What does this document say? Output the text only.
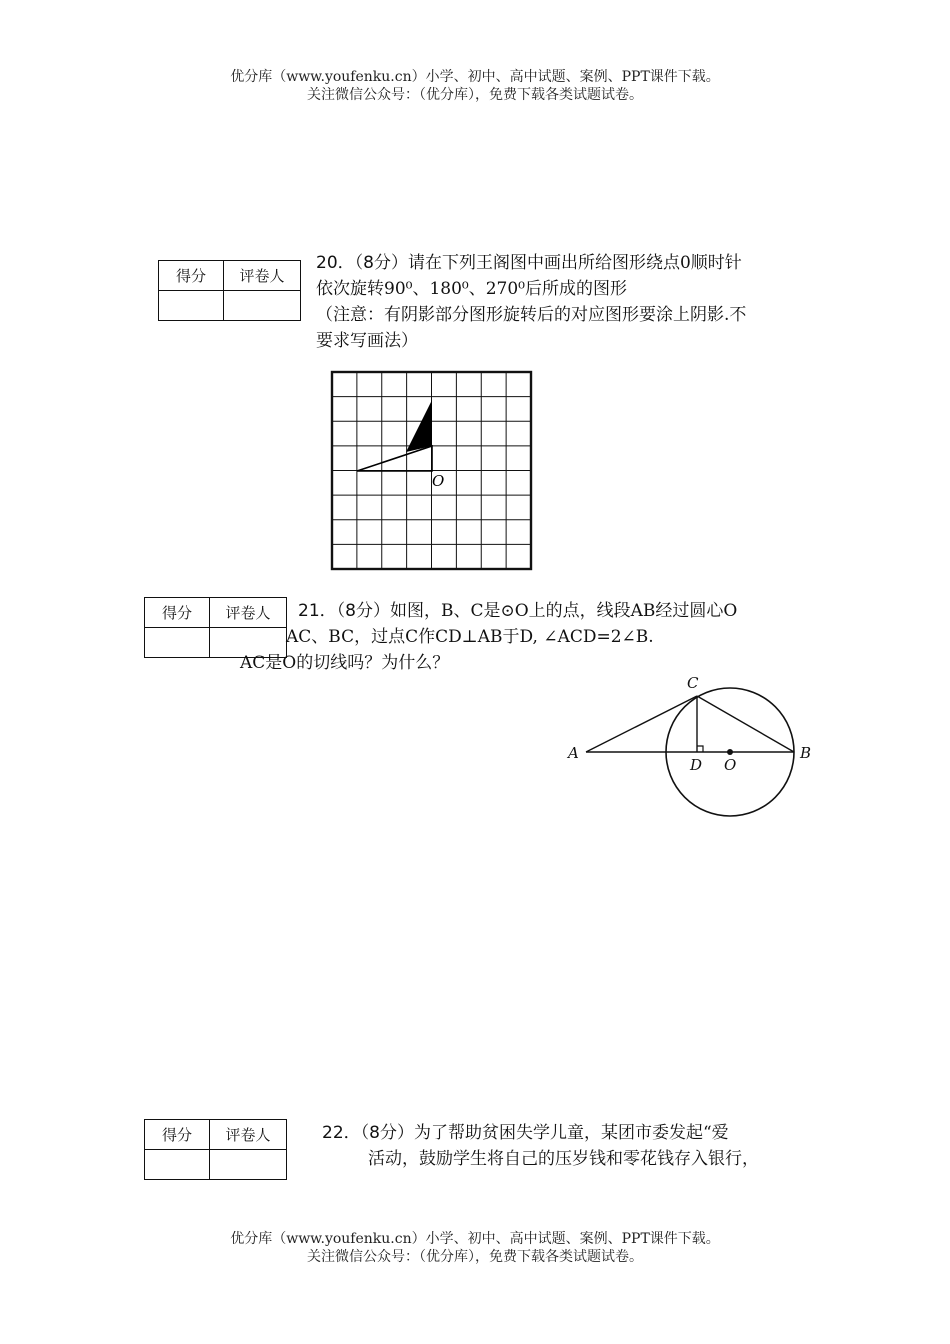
优分库（www.youfenku.cn）小学、初中、高中试题、案例、PPT课件下载。
关注微信公众号：（优分库），免费下载各类试题试卷。
得分	评卷人

20．（8分）请在下列王阁图中画出所给图形绕点0顺时针
依次旋转90⁰、180⁰、270⁰后所成的图形
（注意：有阴影部分图形旋转后的对应图形要涂上阴影.不
要求写画法）
O
得分	评卷人
		21．（8分）如图，B、C是⊙O上的点，线段AB经过圆心O
AC、BC，过点C作CD⊥AB于D, ∠ACD=2∠B.
AC是O的切线吗？为什么？
A	B
C
D O
得分	评卷人
		22．（8分）为了帮助贫困失学儿童，某团市委发起“爱
活动，鼓励学生将自己的压岁钱和零花钱存入银行，
优分库（www.youfenku.cn）小学、初中、高中试题、案例、PPT课件下载。
关注微信公众号：（优分库），免费下载各类试题试卷。
